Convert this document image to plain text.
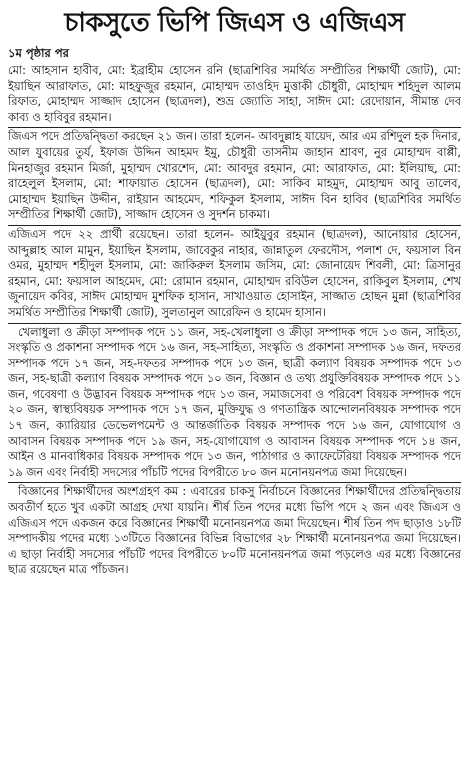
চাকসুতে ভিপি জিএস ও এজিএস
১ম পৃষ্ঠার পর

মো: আহসান হাবীব, মো: ইব্রাহীম হোসেন রনি (ছাত্রশিবির সমর্থিত সম্প্রীতির শিক্ষার্থী জোট), মো: ইয়াছিন আরাফাত, মো: মাহফুজুর রহমান, মোহাম্মদ তাওহিদ মুত্তাকী চৌধুরী, মোহাম্মদ শহিদুল আলম রিফাত, মোহাম্মদ সাজ্জাদ হোসেন (ছাত্রদল), শুভ্র জ্যোতি সাহা, সাঈদ মো: রেদোয়ান, সীমান্ত দেব কাব্য ও হাবিবুর রহমান।

জিএস পদে প্রতিদ্বন্দ্বিতা করছেন ২১ জন। তারা হলেন- আবদুল্লাহ যায়েদ, আর এম রশিদুল হক দিনার, আল যুবায়ের তুর্য, ইফাজ উদ্দিন আহমদ ইমু, চৌধুরী তাসনীম জাহান শ্রাবণ, নুর মোহাম্মদ বাপ্পী, মিনহাজুর রহমান মির্জা, মুহাম্মদ খোরশেদ, মো: আবদুর রহমান, মো: আরাফাত, মো: ইলিয়াছ, মো: রাহেলুল ইসলাম, মো: শাফায়াত হোসেন (ছাত্রদল), মো: সাকিব মাহমুদ, মোহাম্মদ আবু তালেব, মোহাম্মদ ইয়াছিন উদ্দীন, রাইয়ান আহমেদ, শফিকুল ইসলাম, সাঈদ বিন হাবিব (ছাত্রশিবির সমর্থিত সম্প্রীতির শিক্ষার্থী জোট), সাজ্জাদ হোসেন ও সুদর্শন চাকমা।

এজিএস পদে ২২ প্রার্থী রয়েছেন। তারা হলেন- আইয়ুবুর রহমান (ছাত্রদল), আনোয়ার হোসেন, আব্দুল্লাহ আল মামুন, ইয়াছিন ইসলাম, জাবেকুর নাহার, জান্নাতুল ফেরদৌস, পলাশ দে, ফয়সাল বিন ওমর, মুহাম্মদ শহীদুল ইসলাম, মো: জাকিরুল ইসলাম জসিম, মো: জোনায়েদ শিবলী, মো: ত্রিসানুর রহমান, মো: ফয়সাল আহমেদ, মো: রোমান রহমান, মোহাম্মদ রবিউল হোসেন, রাকিবুল ইসলাম, শেখ জুনায়েদ কবির, সাঈদ মোহাম্মদ মুশফিক হাসান, সাখাওয়াত হোসাইন, সাজ্জাত হোছন মুন্না (ছাত্রশিবির সমর্থিত সম্প্রীতির শিক্ষার্থী জোট), সুলতানুল আরেফিন ও হামেদ হাসান।

খেলাধুলা ও ক্রীড়া সম্পাদক পদে ১১ জন, সহ-খেলাধুলা ও ক্রীড়া সম্পাদক পদে ১৩ জন, সাহিত্য, সংস্কৃতি ও প্রকাশনা সম্পাদক পদে ১৬ জন, সহ-সাহিত্য, সংস্কৃতি ও প্রকাশনা সম্পাদক ১৬ জন, দফতর সম্পাদক পদে ১৭ জন, সহ-দফতর সম্পাদক পদে ১৩ জন, ছাত্রী কল্যাণ বিষয়ক সম্পাদক পদে ১৩ জন, সহ-ছাত্রী কল্যাণ বিষয়ক সম্পাদক পদে ১০ জন, বিজ্ঞান ও তথ্য প্রযুক্তিবিষয়ক সম্পাদক পদে ১১ জন, গবেষণা ও উদ্ভাবন বিষয়ক সম্পাদক পদে ১৩ জন, সমাজসেবা ও পরিবেশ বিষয়ক সম্পাদক পদে ২০ জন, স্বাস্থ্যবিষয়ক সম্পাদক পদে ১৭ জন, মুক্তিযুদ্ধ ও গণতান্ত্রিক আন্দোলনবিষয়ক সম্পাদক পদে ১৭ জন, ক্যারিয়ার ডেভেলপমেন্ট ও আন্তর্জাতিক বিষয়ক সম্পাদক পদে ১৬ জন, যোগাযোগ ও আবাসন বিষয়ক সম্পাদক পদে ১৯ জন, সহ-যোগাযোগ ও আবাসন বিষয়ক সম্পাদক পদে ১৪ জন, আইন ও মানবাধিকার বিষয়ক সম্পাদক পদে ১৩ জন, পাঠাগার ও ক্যাফেটেরিয়া বিষয়ক সম্পাদক পদে ১৯ জন এবং নির্বাহী সদস্যের পাঁচটি পদের বিপরীতে ৮০ জন মনোনয়নপত্র জমা দিয়েছেন।

বিজ্ঞানের শিক্ষার্থীদের অংশগ্রহণ কম : এবারের চাকসু নির্বাচনে বিজ্ঞানের শিক্ষার্থীদের প্রতিদ্বন্দ্বিতায় অবতীর্ণ হতে খুব একটা আগ্রহ দেখা যায়নি। শীর্ষ তিন পদের মধ্যে ভিপি পদে ২ জন এবং জিএস ও এজিএস পদে একজন করে বিজ্ঞানের শিক্ষার্থী মনোনয়নপত্র জমা দিয়েছেন। শীর্ষ তিন পদ ছাড়াও ১৮টি সম্পাদকীয় পদের মধ্যে ১৩টিতে বিজ্ঞানের বিভিন্ন বিভাগের ২৮ শিক্ষার্থী মনোনয়নপত্র জমা দিয়েছেন। এ ছাড়া নির্বাহী সদস্যের পাঁচটি পদের বিপরীতে ৮০টি মনোনয়নপত্র জমা পড়লেও এর মধ্যে বিজ্ঞানের ছাত্র রয়েছেন মাত্র পাঁচজন।
